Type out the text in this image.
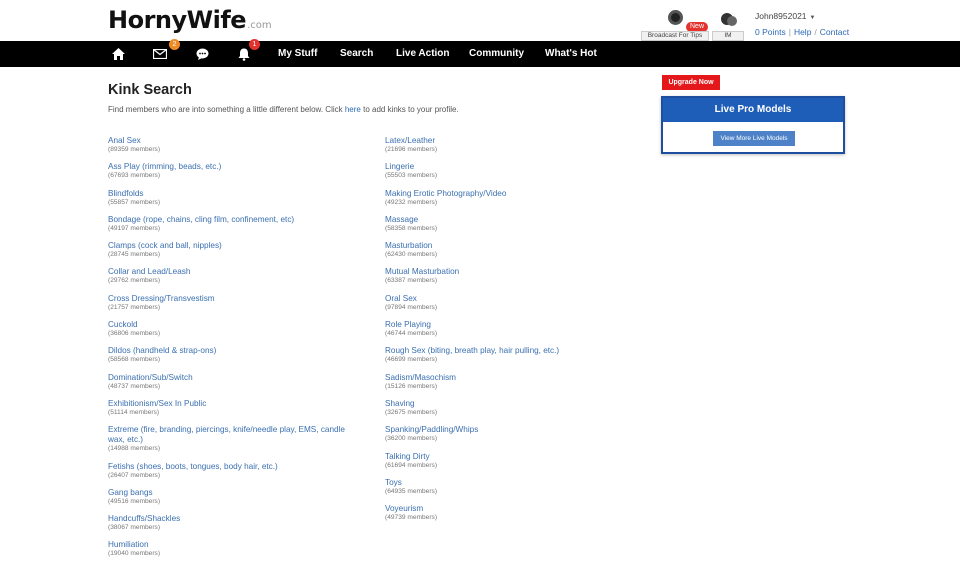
HornyWife.com	New
Broadcast For Tips	IM
John8952021 ▼
0 Points | Help / Contact
2	1
My Stuff Search Live Action Community What's Hot
Kink Search

Find members who are into something a little different below. Click here to add kinks to your profile.

Anal Sex
(89359 members)
Ass Play (rimming, beads, etc.)
(67693 members)
Blindfolds
(55857 members)
Bondage (rope, chains, cling film, confinement, etc)
(49197 members)
Clamps (cock and ball, nipples)
(28745 members)
Collar and Lead/Leash
(29762 members)
Cross Dressing/Transvestism
(21757 members)
Cuckold
(36806 members)
Dildos (handheld & strap-ons)
(58568 members)
Domination/Sub/Switch
(48737 members)
Exhibitionism/Sex In Public
(51114 members)
Extreme (fire, branding, piercings, knife/needle play, EMS, candle wax, etc.)
(14988 members)
Fetishs (shoes, boots, tongues, body hair, etc.)
(26407 members)
Gang bangs
(49516 members)
Handcuffs/Shackles
(38067 members)
Humiliation
(19040 members)
Latex/Leather
(21696 members)
Lingerie
(55503 members)
Making Erotic Photography/Video
(49232 members)
Massage
(58358 members)
Masturbation
(62430 members)
Mutual Masturbation
(63387 members)
Oral Sex
(97894 members)
Role Playing
(46744 members)
Rough Sex (biting, breath play, hair pulling, etc.)
(46699 members)
Sadism/Masochism
(15126 members)
Shaving
(32675 members)
Spanking/Paddling/Whips
(36200 members)
Talking Dirty
(61694 members)
Toys
(64935 members)
Voyeurism
(49739 members)
Upgrade Now
Live Pro Models
View More Live Models
